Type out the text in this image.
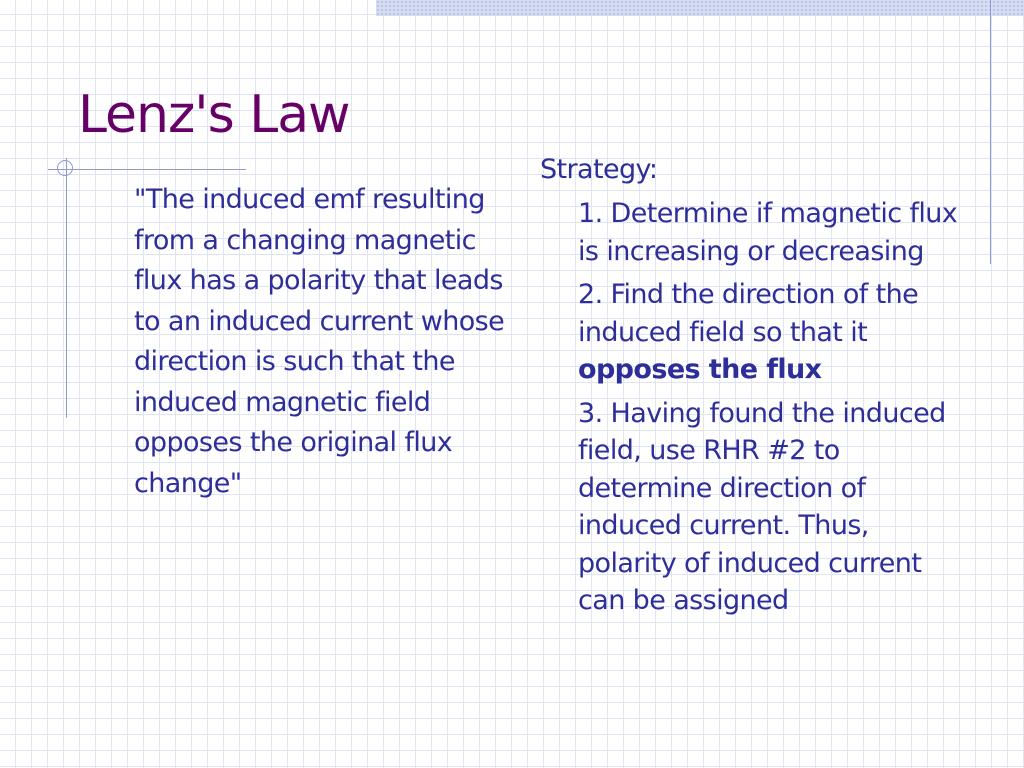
Lenz's Law

"The induced emf resulting from a changing magnetic flux has a polarity that leads to an induced current whose direction is such that the induced magnetic field opposes the original flux change"

Strategy:
1. Determine if magnetic flux is increasing or decreasing
2. Find the direction of the induced field so that it opposes the flux
3. Having found the induced field, use RHR #2 to determine direction of induced current. Thus, polarity of induced current can be assigned
